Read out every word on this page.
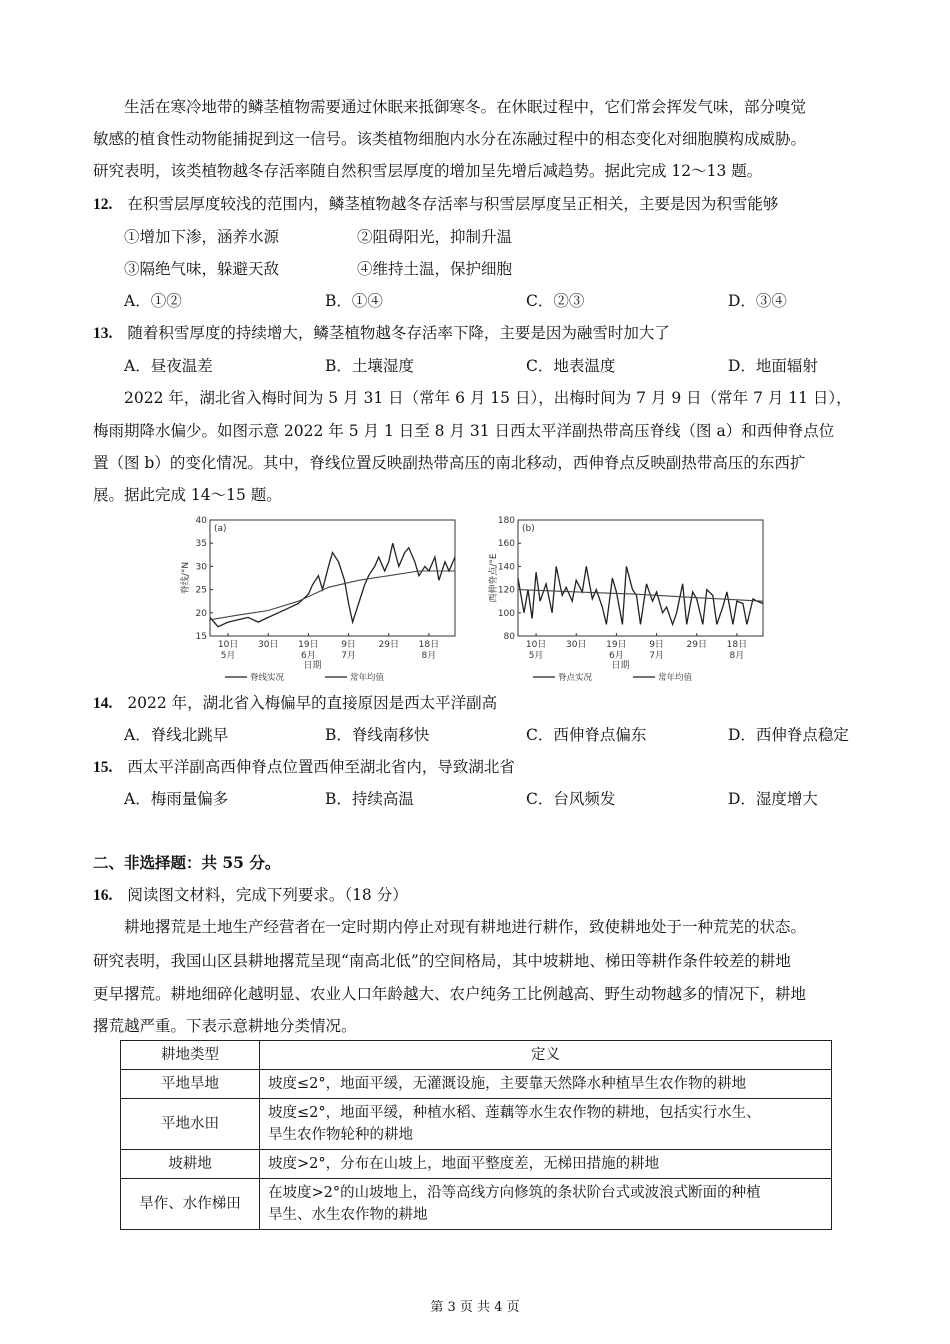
生活在寒冷地带的鳞茎植物需要通过休眠来抵御寒冬。在休眠过程中，它们常会挥发气味，部分嗅觉
敏感的植食性动物能捕捉到这一信号。该类植物细胞内水分在冻融过程中的相态变化对细胞膜构成威胁。
研究表明，该类植物越冬存活率随自然积雪层厚度的增加呈先增后减趋势。据此完成 12～13 题。
12. 在积雪层厚度较浅的范围内，鳞茎植物越冬存活率与积雪层厚度呈正相关，主要是因为积雪能够
①增加下渗，涵养水源	②阻碍阳光，抑制升温
③隔绝气味，躲避天敌	④维持土温，保护细胞
A．①②	B．①④	C．②③	D．③④
13. 随着积雪厚度的持续增大，鳞茎植物越冬存活率下降，主要是因为融雪时加大了
A．昼夜温差	B．土壤湿度	C．地表温度	D．地面辐射
2022 年，湖北省入梅时间为 5 月 31 日（常年 6 月 15 日），出梅时间为 7 月 9 日（常年 7 月 11 日），
梅雨期降水偏少。如图示意 2022 年 5 月 1 日至 8 月 31 日西太平洋副热带高压脊线（图 a）和西伸脊点位
置（图 b）的变化情况。其中，脊线位置反映副热带高压的南北移动，西伸脊点反映副热带高压的东西扩
展。据此完成 14～15 题。
(a)
40
35
30
25
20
15
脊线/°N
10日 30日 19日	9日	29日 18日
5月	6月	7月	8月
日期
脊线实况	常年均值
(b)
180
160
140
120
100
80
西伸脊点/°E
10日 30日 19日	9日	29日 18日
5月	6月	7月	8月
日期
脊点实况	常年均值
14. 2022 年，湖北省入梅偏早的直接原因是西太平洋副高
A．脊线北跳早	B．脊线南移快	C．西伸脊点偏东	D．西伸脊点稳定
15. 西太平洋副高西伸脊点位置西伸至湖北省内，导致湖北省
A．梅雨量偏多	B．持续高温	C．台风频发	D．湿度增大
二、非选择题：共 55 分。
16. 阅读图文材料，完成下列要求。（18 分）
耕地撂荒是土地生产经营者在一定时期内停止对现有耕地进行耕作，致使耕地处于一种荒芜的状态。
研究表明，我国山区县耕地撂荒呈现“南高北低”的空间格局，其中坡耕地、梯田等耕作条件较差的耕地
更早撂荒。耕地细碎化越明显、农业人口年龄越大、农户纯务工比例越高、野生动物越多的情况下，耕地
撂荒越严重。下表示意耕地分类情况。
耕地类型	定义
平地旱地	坡度≤2°，地面平缓，无灌溉设施，主要靠天然降水种植旱生农作物的耕地
平地水田	坡度≤2°，地面平缓，种植水稻、莲藕等水生农作物的耕地，包括实行水生、
旱生农作物轮种的耕地

坡耕地	坡度>2°，分布在山坡上，地面平整度差，无梯田措施的耕地
旱作、水作梯田	在坡度>2°的山坡地上，沿等高线方向修筑的条状阶台式或波浪式断面的种植
旱生、水生农作物的耕地
第 3 页 共 4 页
